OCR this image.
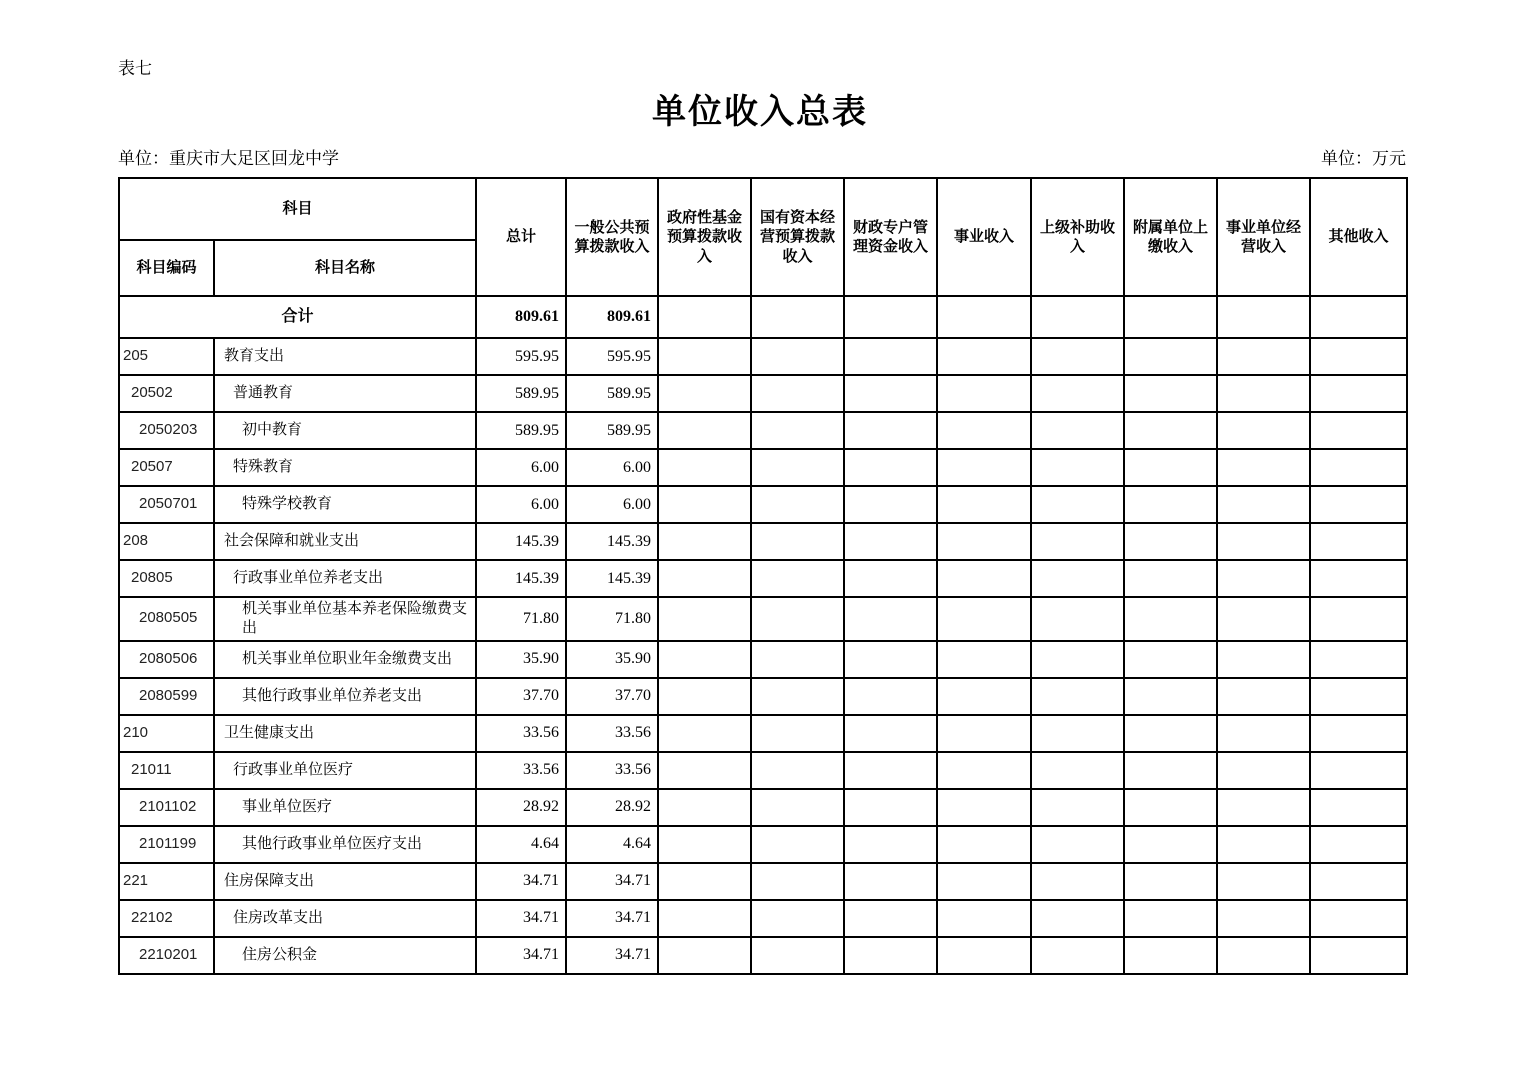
表七
单位收入总表
单位：重庆市大足区回龙中学	单位：万元
科目		总计	一般公共预算拨款收入	政府性基金预算拨款收入	国有资本经营预算拨款收入	财政专户管理资金收入	事业收入	上级补助收入	附属单位上缴收入	事业单位经营收入	其他收入
科目编码	科目名称										
合计		809.61	809.61								
205	教育支出	595.95	595.95								
20502	普通教育	589.95	589.95								
2050203	初中教育	589.95	589.95								
20507	特殊教育	6.00	6.00								
2050701	特殊学校教育	6.00	6.00								
208	社会保障和就业支出	145.39	145.39								
20805	行政事业单位养老支出	145.39	145.39								
2080505	机关事业单位基本养老保险缴费支出	71.80	71.80								
2080506	机关事业单位职业年金缴费支出	35.90	35.90								
2080599	其他行政事业单位养老支出	37.70	37.70								
210	卫生健康支出	33.56	33.56								
21011	行政事业单位医疗	33.56	33.56								
2101102	事业单位医疗	28.92	28.92								
2101199	其他行政事业单位医疗支出	4.64	4.64								
221	住房保障支出	34.71	34.71								
22102	住房改革支出	34.71	34.71								
2210201	住房公积金	34.71	34.71								
